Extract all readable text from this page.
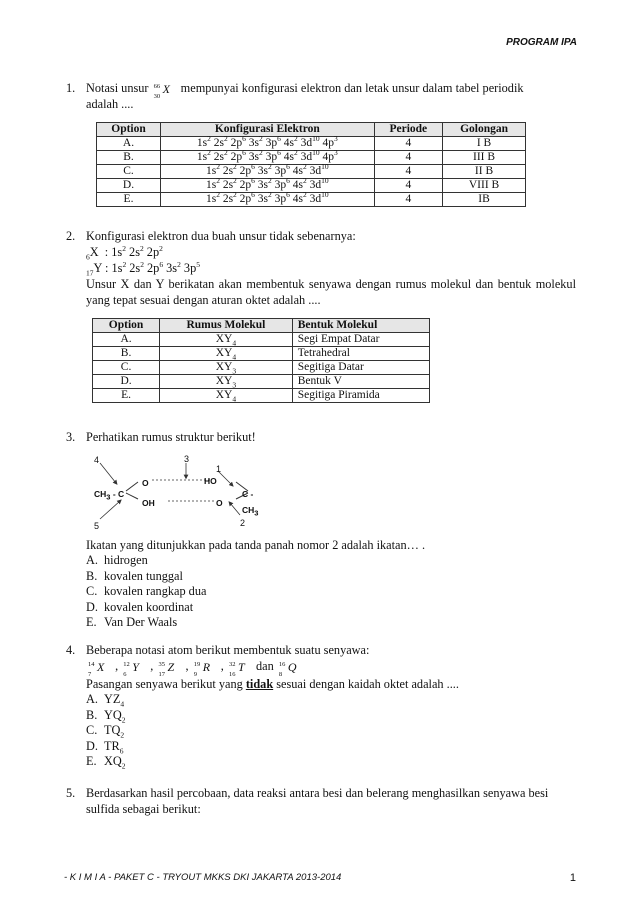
PROGRAM IPA
1. Notasi unsur 66
30
X mempunyai konfigurasi elektron dan letak unsur dalam tabel periodik
adalah ....
Option	Konfigurasi Elektron	Periode	Golongan
A.	$1s^2$ $2s^2$ $2p^6$ $3s^2$ $3p^6$ $4s^2$ $3d^{10}$ $4p^3$	4	I B
B.	$1s^2$ $2s^2$ $2p^6$ $3s^2$ $3p^6$ $4s^2$ $3d^{10}$ $4p^3$	4	III B
C.	$1s^2$ $2s^2$ $2p^6$ $3s^2$ $3p^6$ $4s^2$ $3d^{10}$	4	II B
D.	$1s^2$ $2s^2$ $2p^6$ $3s^2$ $3p^6$ $4s^2$ $3d^{10}$	4	VIII B
E.	$1s^2$ $2s^2$ $2p^6$ $3s^2$ $3p^6$ $4s^2$ $3d^{10}$	4	IB
2. Konfigurasi elektron dua buah unsur tidak sebenarnya:
$_6$X  : $1s^2$ $2s^2$ $2p^2$
$_{17}$Y : $1s^2$ $2s^2$ $2p^6$ $3s^2$ $3p^5$
Unsur X dan Y berikatan akan membentuk senyawa dengan rumus molekul dan bentuk molekul yang tepat sesuai dengan aturan oktet adalah ....
Option	Rumus Molekul	Bentuk Molekul
A.	$XY_4$	Segi Empat Datar
B.	$XY_4$	Tetrahedral
C.	$XY_3$	Segitiga Datar
D.	$XY_3$	Bentuk V
E.	$XY_4$	Segitiga Piramida
3. Perhatikan rumus struktur berikut!
4	3
1
5	2
$CH_3$ - C
O
OH
HO
O
C - $CH_3$
Ikatan yang ditunjukkan pada tanda panah nomor 2 adalah ikatan… .
A. hidrogen
B. kovalen tunggal
C. kovalen rangkap dua
D. kovalen koordinat
E. Van Der Waals
4. Beberapa notasi atom berikut membentuk suatu senyawa:
14
7
X , 12
6
Y , 35
17
Z , 19
9
R , 32
16
T dan 16
8
Q
Pasangan senyawa berikut yang tidak sesuai dengan kaidah oktet adalah ....
A. $YZ_4$
B. $YQ_2$
C. $TQ_2$
D. $TR_6$
E. $XQ_2$
5. Berdasarkan hasil percobaan, data reaksi antara besi dan belerang menghasilkan senyawa besi sulfida sebagai berikut:
- K I M I A - PAKET C - TRYOUT MKKS DKI JAKARTA 2013-2014	1
